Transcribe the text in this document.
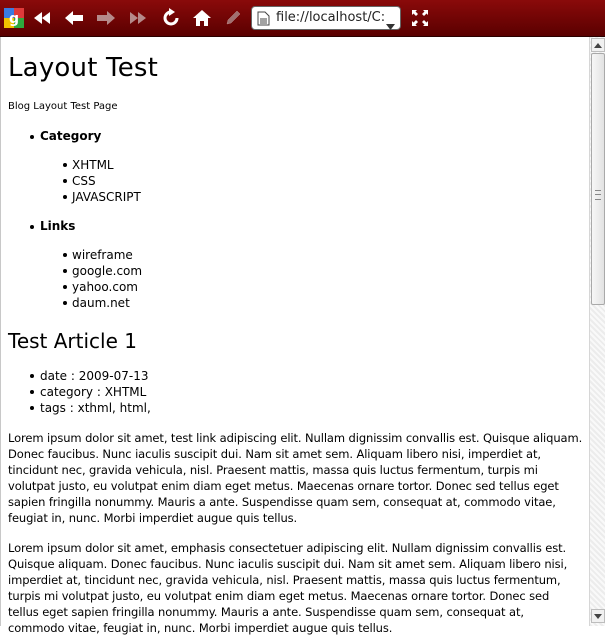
g	file://localhost/C:
Layout Test

Blog Layout Test Page

Category
XHTML
CSS
JAVASCRIPT
Links
wireframe
google.com
yahoo.com
daum.net
Test Article 1
date : 2009-07-13
category : XHTML
tags : xthml, html,

Lorem ipsum dolor sit amet, test link adipiscing elit. Nullam dignissim convallis est. Quisque aliquam. Donec faucibus. Nunc iaculis suscipit dui. Nam sit amet sem. Aliquam libero nisi, imperdiet at, tincidunt nec, gravida vehicula, nisl. Praesent mattis, massa quis luctus fermentum, turpis mi volutpat justo, eu volutpat enim diam eget metus. Maecenas ornare tortor. Donec sed tellus eget sapien fringilla nonummy. Mauris a ante. Suspendisse quam sem, consequat at, commodo vitae, feugiat in, nunc. Morbi imperdiet augue quis tellus.

Lorem ipsum dolor sit amet, emphasis consectetuer adipiscing elit. Nullam dignissim convallis est. Quisque aliquam. Donec faucibus. Nunc iaculis suscipit dui. Nam sit amet sem. Aliquam libero nisi, imperdiet at, tincidunt nec, gravida vehicula, nisl. Praesent mattis, massa quis luctus fermentum, turpis mi volutpat justo, eu volutpat enim diam eget metus. Maecenas ornare tortor. Donec sed tellus eget sapien fringilla nonummy. Mauris a ante. Suspendisse quam sem, consequat at, commodo vitae, feugiat in, nunc. Morbi imperdiet augue quis tellus.
